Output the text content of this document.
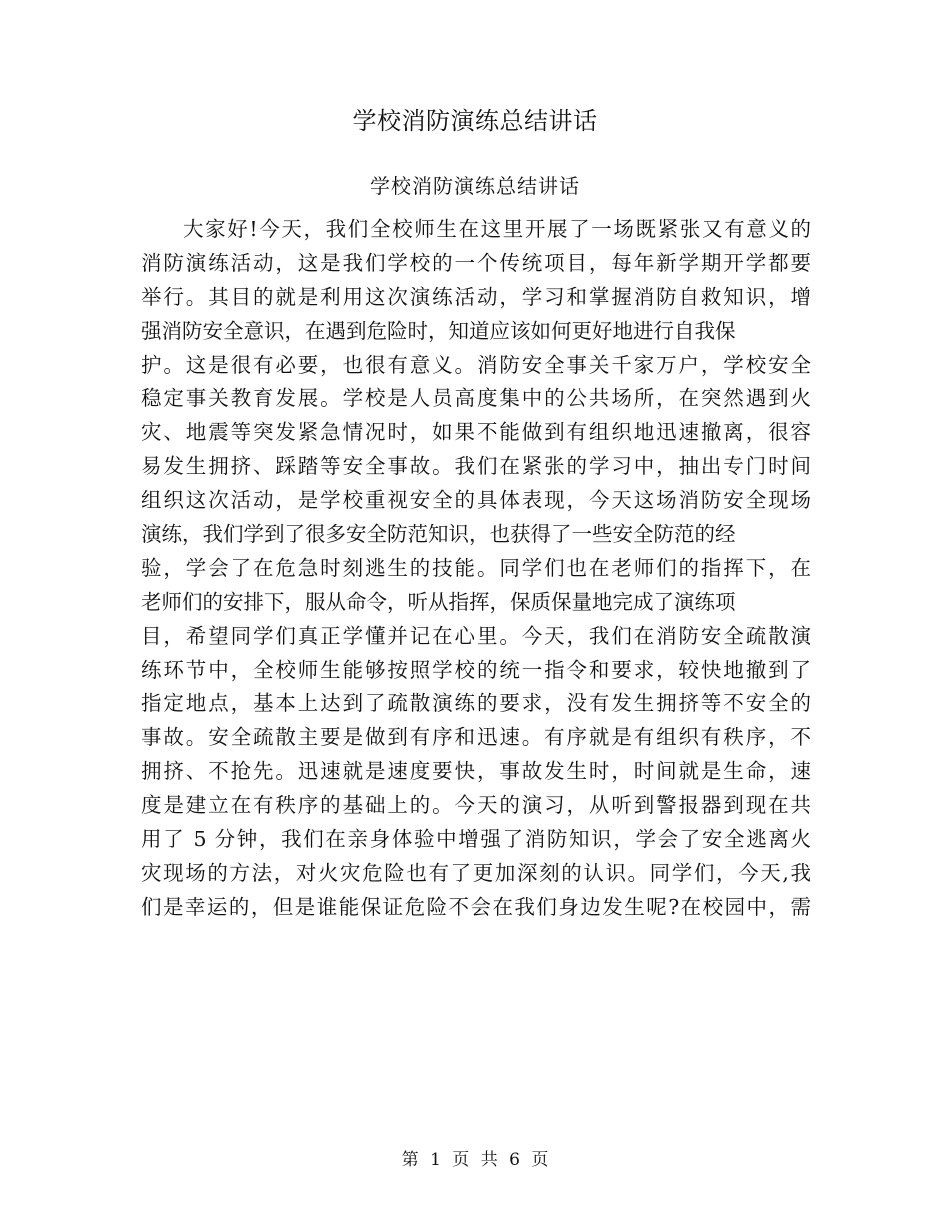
学校消防演练总结讲话
学校消防演练总结讲话
大家好!今天，我们全校师生在这里开展了一场既紧张又有意义的
消防演练活动，这是我们学校的一个传统项目，每年新学期开学都要
举行。其目的就是利用这次演练活动，学习和掌握消防自救知识，增
强消防安全意识，在遇到危险时，知道应该如何更好地进行自我保
护。这是很有必要，也很有意义。消防安全事关千家万户，学校安全
稳定事关教育发展。学校是人员高度集中的公共场所，在突然遇到火
灾、地震等突发紧急情况时，如果不能做到有组织地迅速撤离，很容
易发生拥挤、踩踏等安全事故。我们在紧张的学习中，抽出专门时间
组织这次活动，是学校重视安全的具体表现，今天这场消防安全现场
演练，我们学到了很多安全防范知识，也获得了一些安全防范的经
验，学会了在危急时刻逃生的技能。同学们也在老师们的指挥下，在
老师们的安排下，服从命令，听从指挥，保质保量地完成了演练项
目，希望同学们真正学懂并记在心里。今天，我们在消防安全疏散演
练环节中，全校师生能够按照学校的统一指令和要求，较快地撤到了
指定地点，基本上达到了疏散演练的要求，没有发生拥挤等不安全的
事故。安全疏散主要是做到有序和迅速。有序就是有组织有秩序，不
拥挤、不抢先。迅速就是速度要快，事故发生时，时间就是生命，速
度是建立在有秩序的基础上的。今天的演习，从听到警报器到现在共
用了 5 分钟，我们在亲身体验中增强了消防知识，学会了安全逃离火
灾现场的方法，对火灾危险也有了更加深刻的认识。同学们，今天,我
们是幸运的，但是谁能保证危险不会在我们身边发生呢?在校园中，需
第 1 页 共 6 页
